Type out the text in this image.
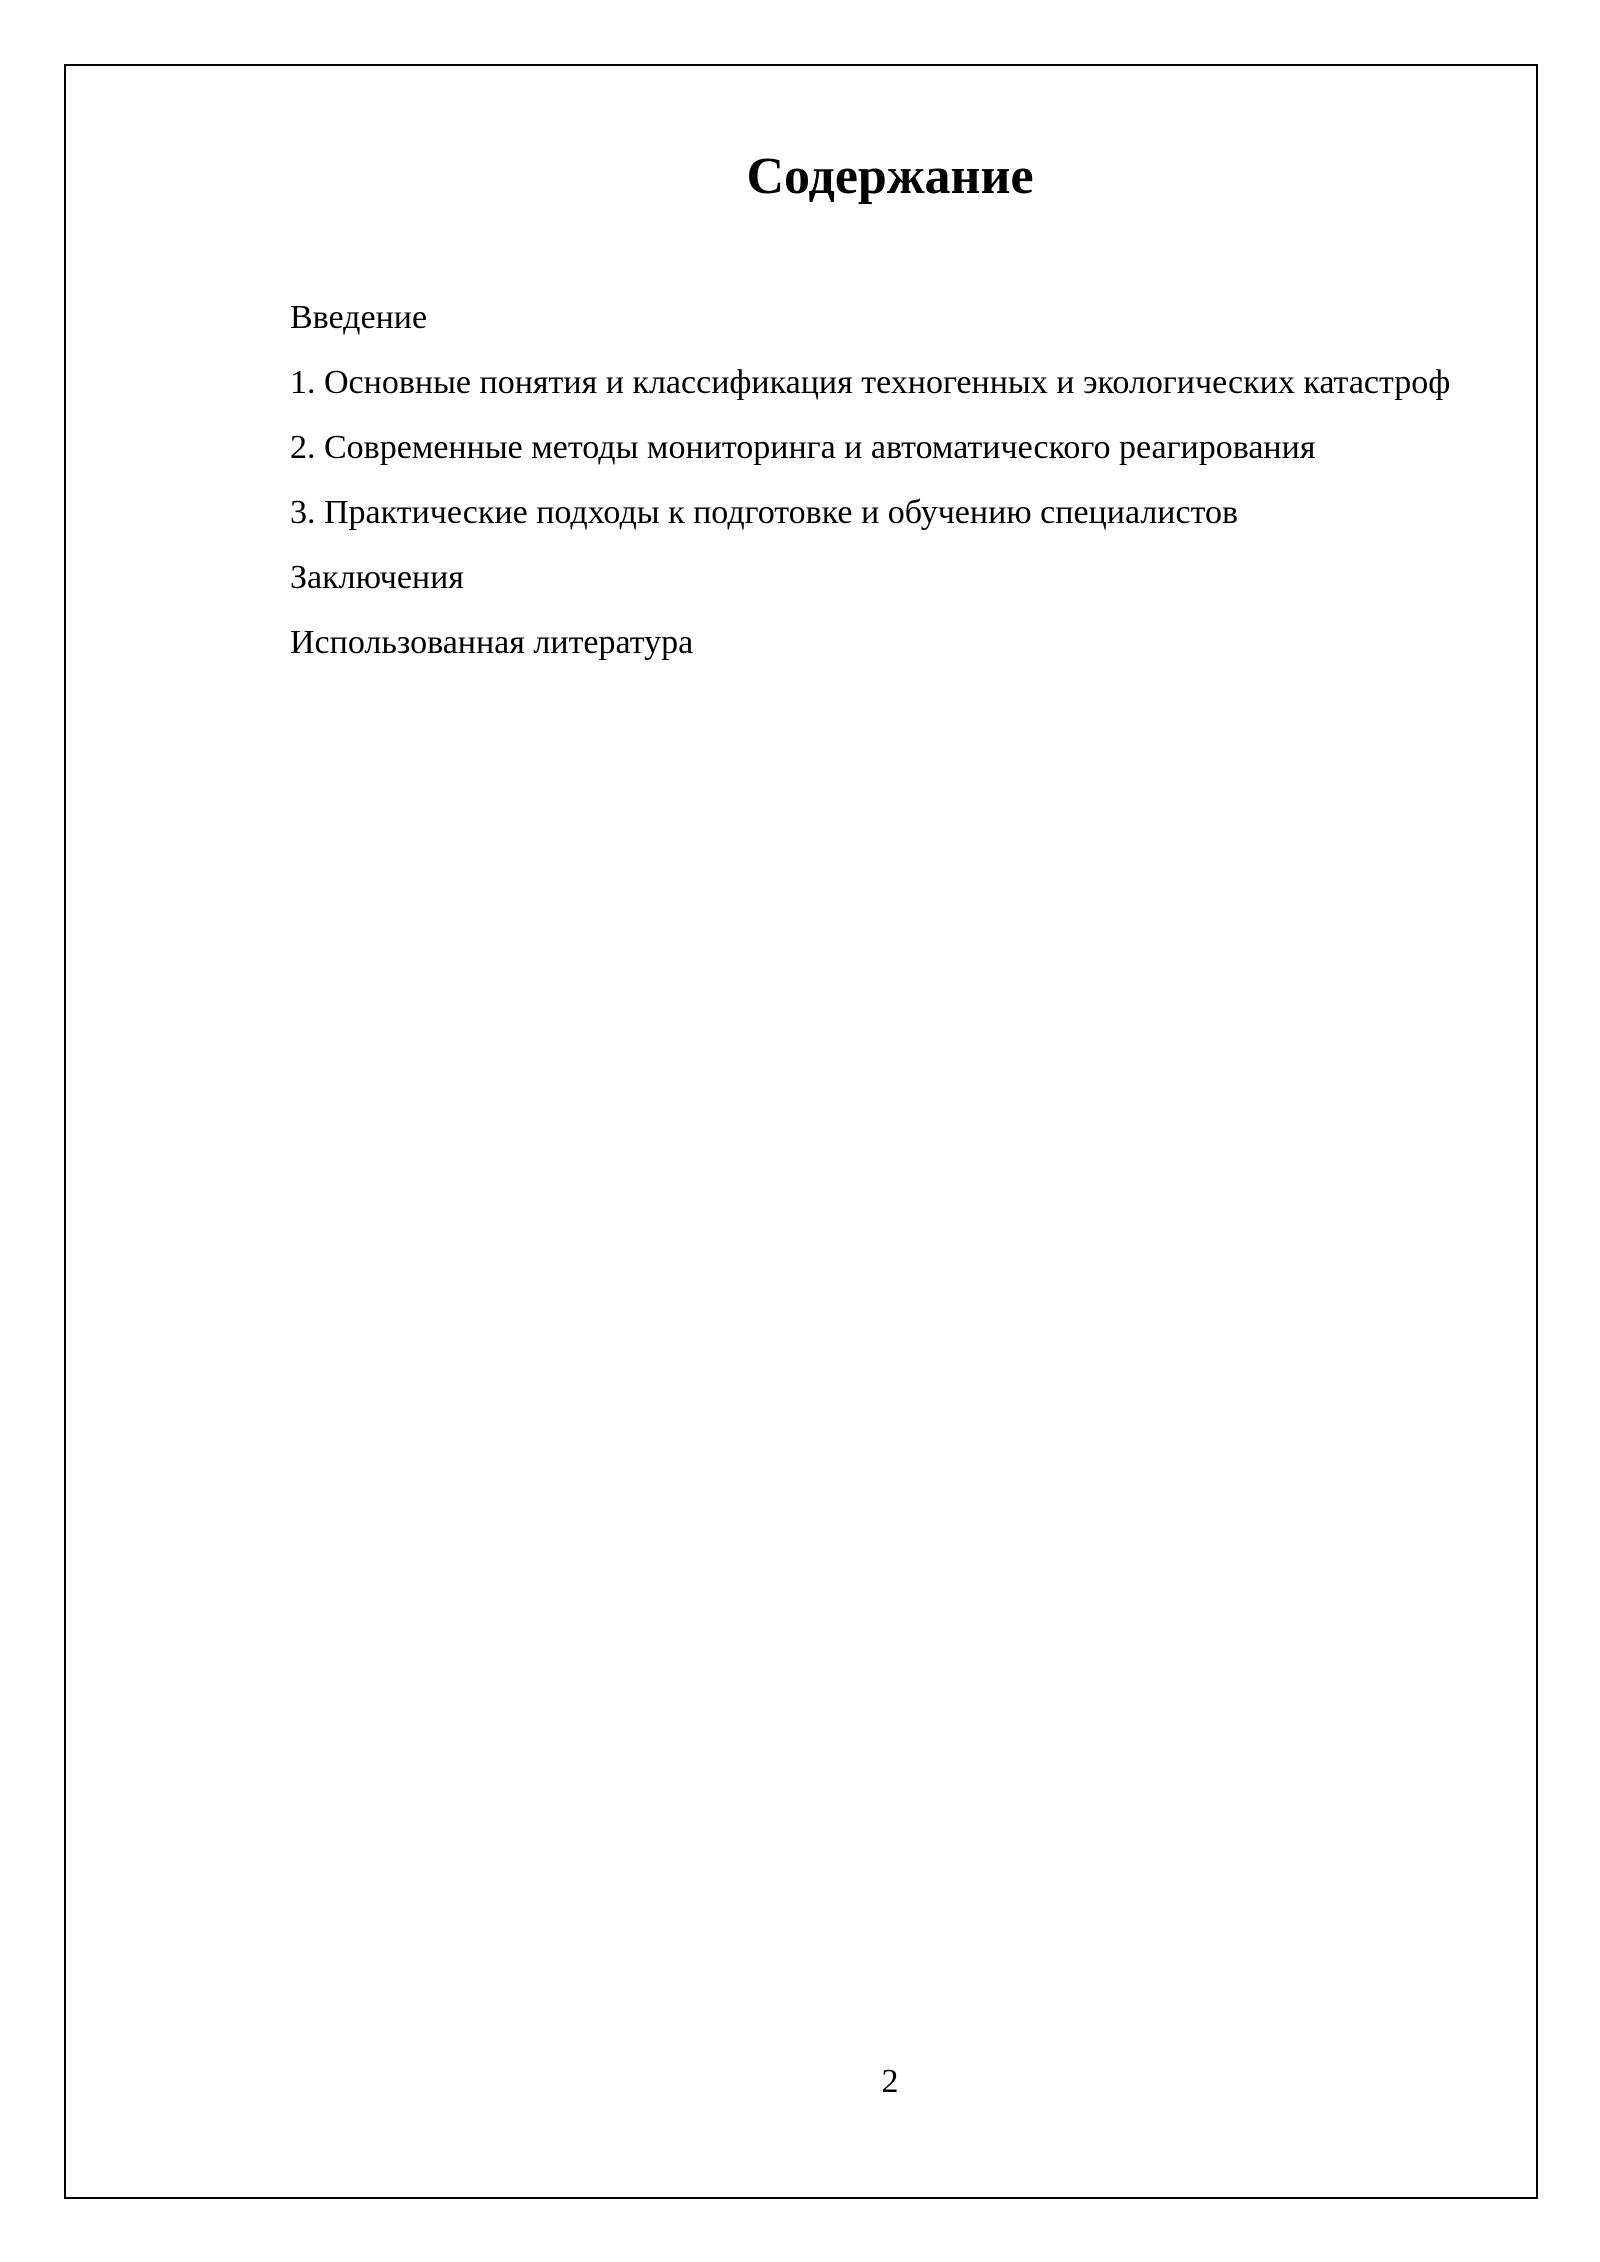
Содержание

Введение

1. Основные понятия и классификация техногенных и экологических катастроф

2. Современные методы мониторинга и автоматического реагирования

3. Практические подходы к подготовке и обучению специалистов

Заключения

Использованная литература

2
